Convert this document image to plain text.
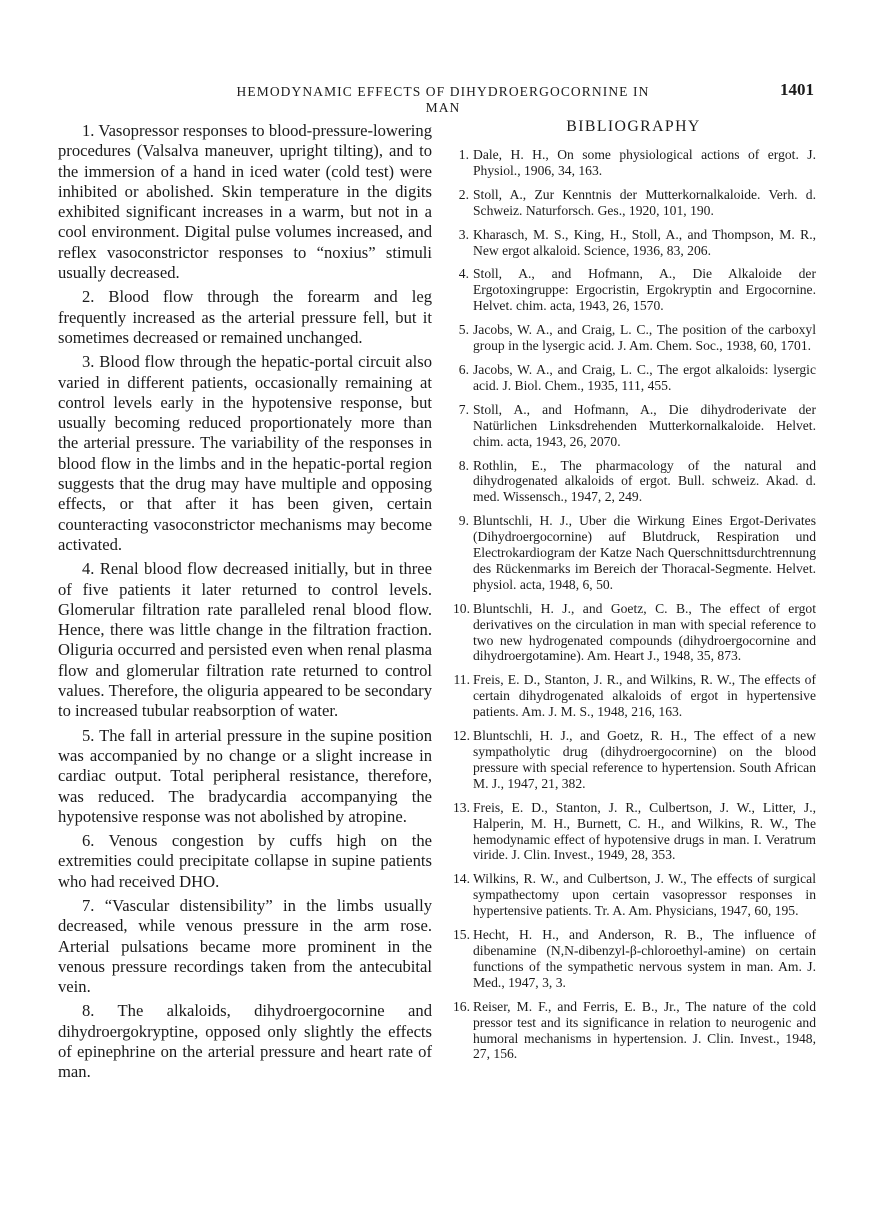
HEMODYNAMIC EFFECTS OF DIHYDROERGOCORNINE IN MAN
1401

1. Vasopressor responses to blood-pressure-lowering procedures (Valsalva maneuver, upright tilting), and to the immersion of a hand in iced water (cold test) were inhibited or abolished. Skin temperature in the digits exhibited significant increases in a warm, but not in a cool environment. Digital pulse volumes increased, and reflex vasoconstrictor responses to “noxius” stimuli usually decreased.

2. Blood flow through the forearm and leg frequently increased as the arterial pressure fell, but it sometimes decreased or remained unchanged.

3. Blood flow through the hepatic-portal circuit also varied in different patients, occasionally remaining at control levels early in the hypotensive response, but usually becoming reduced proportionately more than the arterial pressure. The variability of the responses in blood flow in the limbs and in the hepatic-portal region suggests that the drug may have multiple and opposing effects, or that after it has been given, certain counteracting vasoconstrictor mechanisms may become activated.

4. Renal blood flow decreased initially, but in three of five patients it later returned to control levels. Glomerular filtration rate paralleled renal blood flow. Hence, there was little change in the filtration fraction. Oliguria occurred and persisted even when renal plasma flow and glomerular filtration rate returned to control values. Therefore, the oliguria appeared to be secondary to increased tubular reabsorption of water.

5. The fall in arterial pressure in the supine position was accompanied by no change or a slight increase in cardiac output. Total peripheral resistance, therefore, was reduced. The bradycardia accompanying the hypotensive response was not abolished by atropine.

6. Venous congestion by cuffs high on the extremities could precipitate collapse in supine patients who had received DHO.

7. “Vascular distensibility” in the limbs usually decreased, while venous pressure in the arm rose. Arterial pulsations became more prominent in the venous pressure recordings taken from the antecubital vein.

8. The alkaloids, dihydroergocornine and dihydroergokryptine, opposed only slightly the effects of epinephrine on the arterial pressure and heart rate of man.

BIBLIOGRAPHY
1. Dale, H. H., On some physiological actions of ergot. J. Physiol., 1906, 34, 163.
2. Stoll, A., Zur Kenntnis der Mutterkornalkaloide. Verh. d. Schweiz. Naturforsch. Ges., 1920, 101, 190.
3. Kharasch, M. S., King, H., Stoll, A., and Thompson, M. R., New ergot alkaloid. Science, 1936, 83, 206.
4. Stoll, A., and Hofmann, A., Die Alkaloide der Ergotoxingruppe: Ergocristin, Ergokryptin and Ergocornine. Helvet. chim. acta, 1943, 26, 1570.
5. Jacobs, W. A., and Craig, L. C., The position of the carboxyl group in the lysergic acid. J. Am. Chem. Soc., 1938, 60, 1701.
6. Jacobs, W. A., and Craig, L. C., The ergot alkaloids: lysergic acid. J. Biol. Chem., 1935, 111, 455.
7. Stoll, A., and Hofmann, A., Die dihydroderivate der Natürlichen Linksdrehenden Mutterkornalkaloide. Helvet. chim. acta, 1943, 26, 2070.
8. Rothlin, E., The pharmacology of the natural and dihydrogenated alkaloids of ergot. Bull. schweiz. Akad. d. med. Wissensch., 1947, 2, 249.
9. Bluntschli, H. J., Uber die Wirkung Eines Ergot-Derivates (Dihydroergocornine) auf Blutdruck, Respiration und Electrokardiogram der Katze Nach Querschnittsdurchtrennung des Rückenmarks im Bereich der Thoracal-Segmente. Helvet. physiol. acta, 1948, 6, 50.
10. Bluntschli, H. J., and Goetz, C. B., The effect of ergot derivatives on the circulation in man with special reference to two new hydrogenated compounds (dihydroergocornine and dihydroergotamine). Am. Heart J., 1948, 35, 873.
11. Freis, E. D., Stanton, J. R., and Wilkins, R. W., The effects of certain dihydrogenated alkaloids of ergot in hypertensive patients. Am. J. M. S., 1948, 216, 163.
12. Bluntschli, H. J., and Goetz, R. H., The effect of a new sympatholytic drug (dihydroergocornine) on the blood pressure with special reference to hypertension. South African M. J., 1947, 21, 382.
13. Freis, E. D., Stanton, J. R., Culbertson, J. W., Litter, J., Halperin, M. H., Burnett, C. H., and Wilkins, R. W., The hemodynamic effect of hypotensive drugs in man. I. Veratrum viride. J. Clin. Invest., 1949, 28, 353.
14. Wilkins, R. W., and Culbertson, J. W., The effects of surgical sympathectomy upon certain vasopressor responses in hypertensive patients. Tr. A. Am. Physicians, 1947, 60, 195.
15. Hecht, H. H., and Anderson, R. B., The influence of dibenamine (N,N-dibenzyl-β-chloroethyl-amine) on certain functions of the sympathetic nervous system in man. Am. J. Med., 1947, 3, 3.
16. Reiser, M. F., and Ferris, E. B., Jr., The nature of the cold pressor test and its significance in relation to neurogenic and humoral mechanisms in hypertension. J. Clin. Invest., 1948, 27, 156.
